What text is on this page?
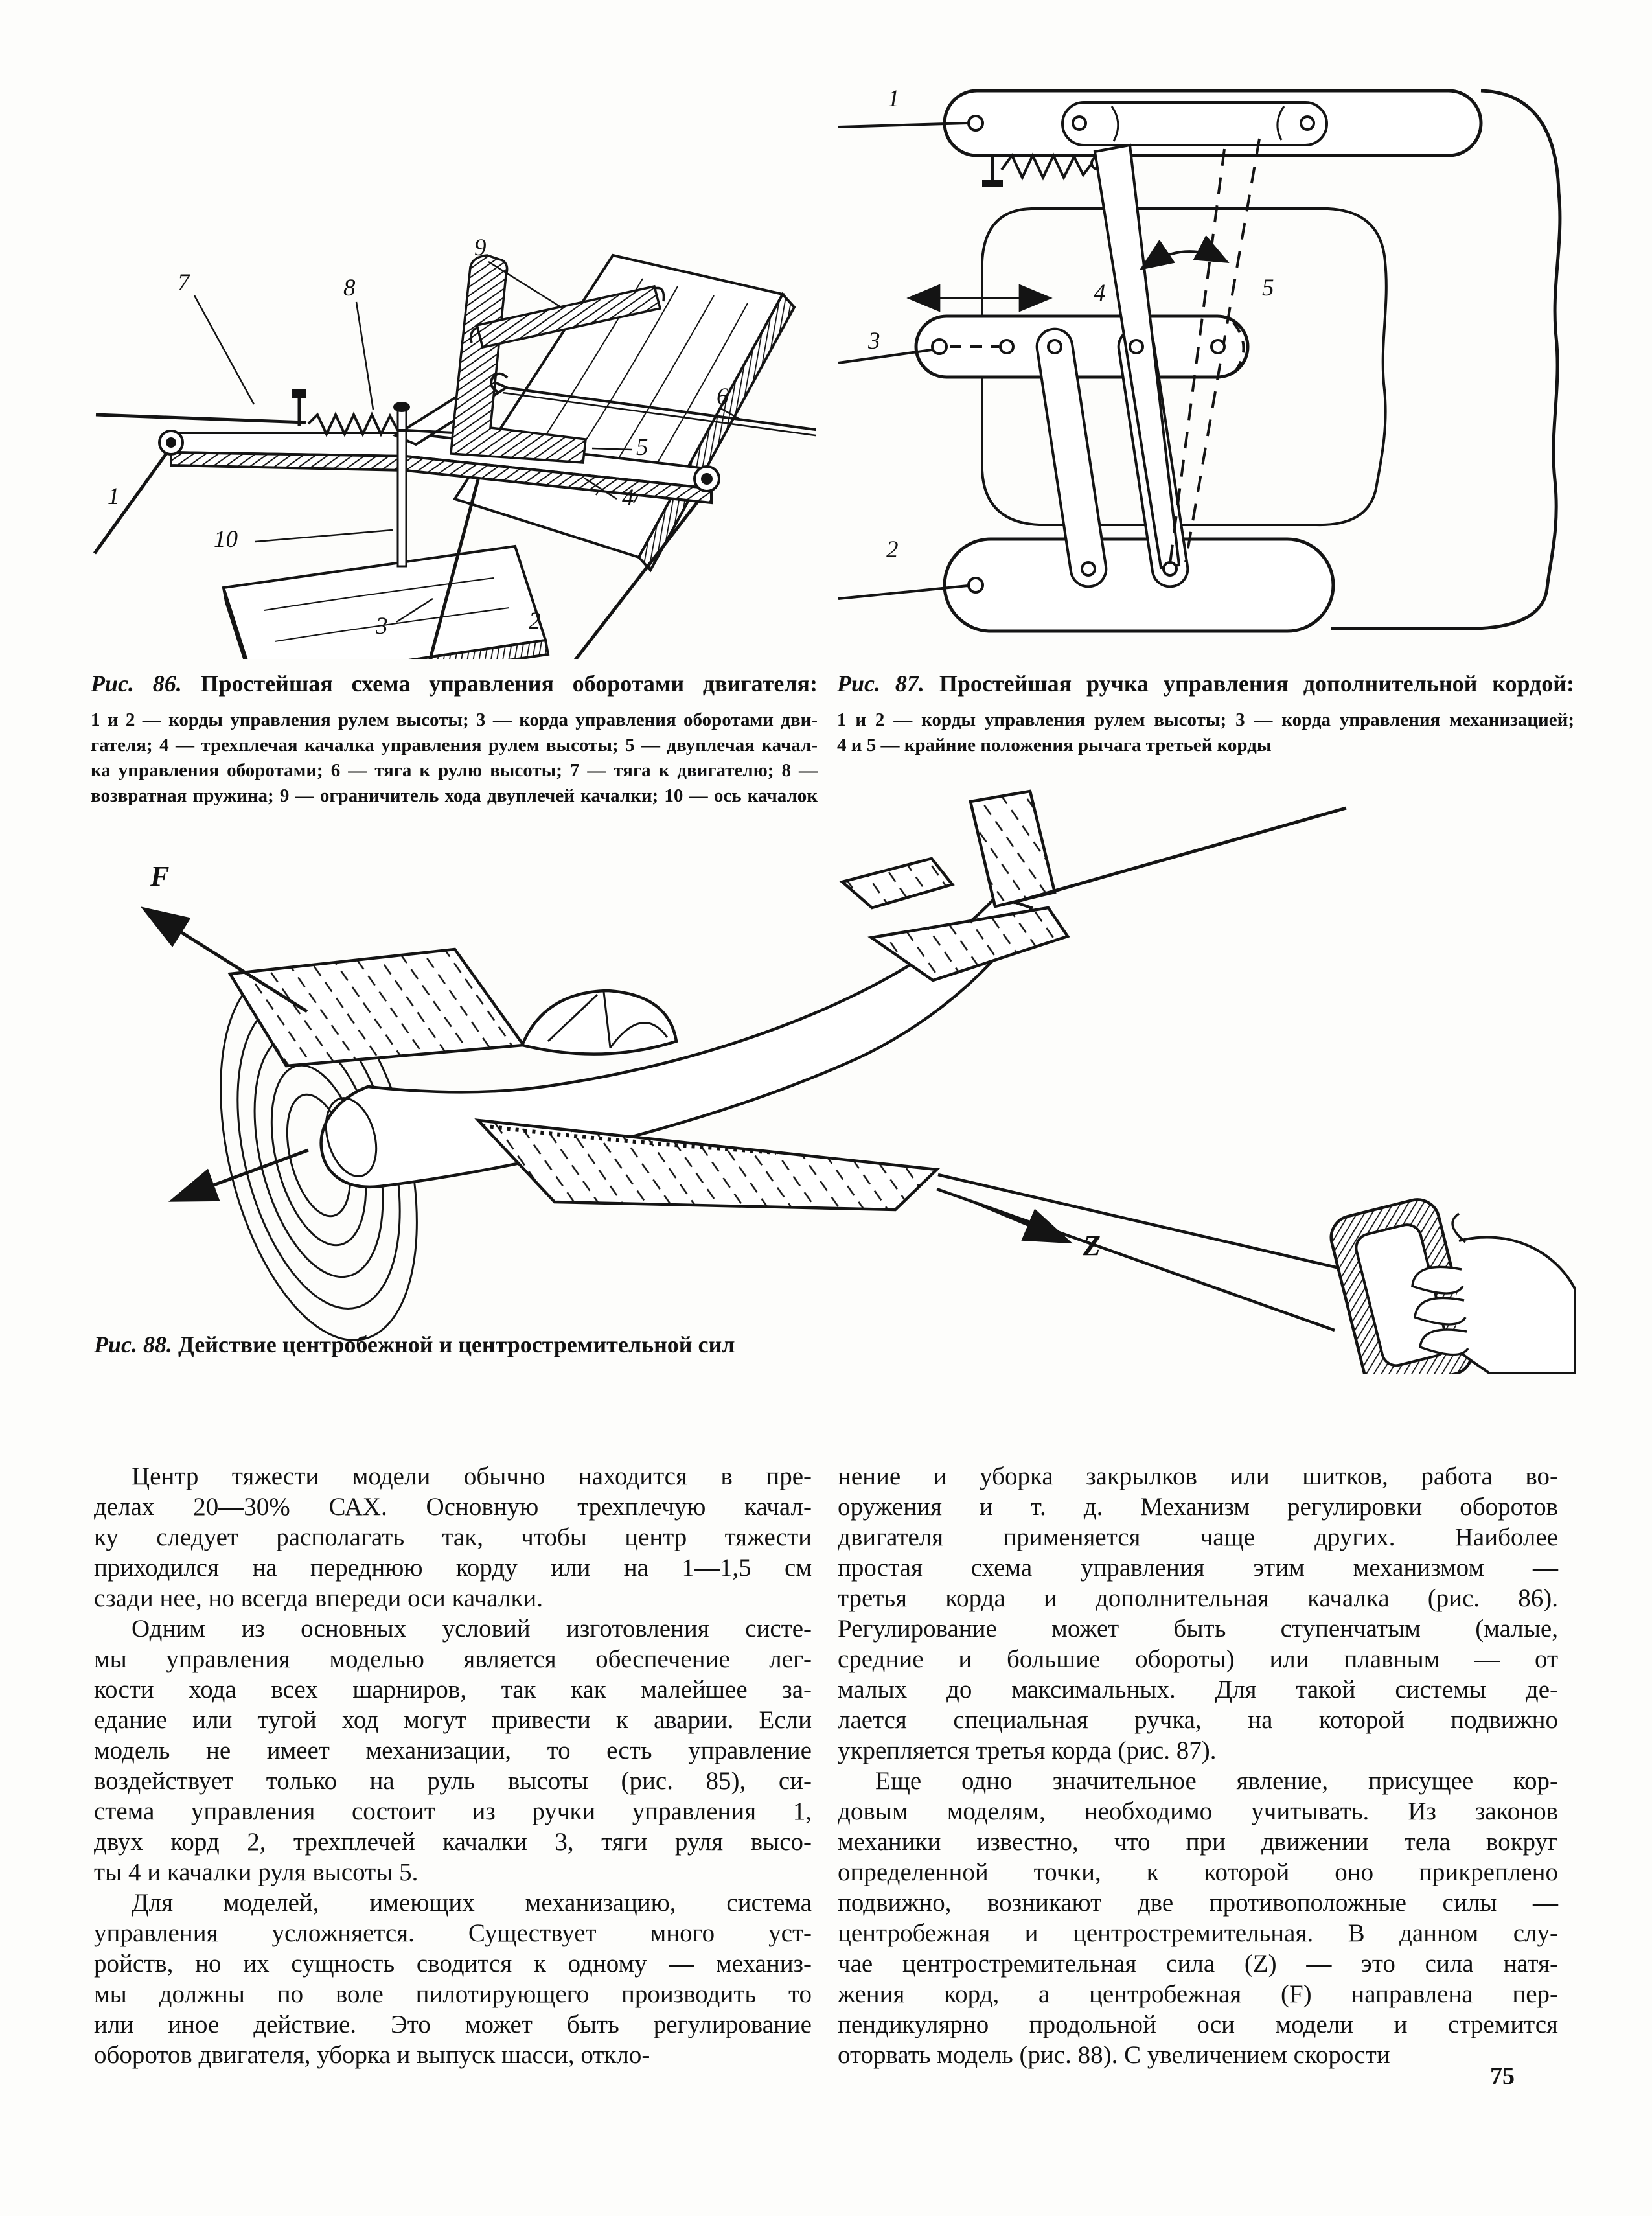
7	8
9
6
5
4
1
10
3	2
1
2
3
4	5
F
Z
Рис. 86. Простейшая схема управления оборотами двигателя:
1 и 2 — корды управления рулем высоты; 3 — корда управления оборотами дви-
гателя; 4 — трехплечая качалка управления рулем высоты; 5 — двуплечая качал-
ка управления оборотами; 6 — тяга к рулю высоты; 7 — тяга к двигателю; 8 —
возвратная пружина; 9 — ограничитель хода двуплечей качалки; 10 — ось качалок
Рис. 87. Простейшая ручка управления дополнительной кордой:
1 и 2 — корды управления рулем высоты; 3 — корда управления механизацией;
4 и 5 — крайние положения рычага третьей корды
Рис. 88. Действие центробежной и центростремительной сил
Центр тяжести модели обычно находится в пре-
делах 20—30% САХ. Основную трехплечую качал-
ку следует располагать так, чтобы центр тяжести
приходился на переднюю корду или на 1—1,5 см
сзади нее, но всегда впереди оси качалки.
Одним из основных условий изготовления систе-
мы управления моделью является обеспечение лег-
кости хода всех шарниров, так как малейшее за-
едание или тугой ход могут привести к аварии. Если
модель не имеет механизации, то есть управление
воздействует только на руль высоты (рис. 85), си-
стема управления состоит из ручки управления 1,
двух корд 2, трехплечей качалки 3, тяги руля высо-
ты 4 и качалки руля высоты 5.
Для моделей, имеющих механизацию, система
управления усложняется. Существует много уст-
ройств, но их сущность сводится к одному — механиз-
мы должны по воле пилотирующего производить то
или иное действие. Это может быть регулирование
оборотов двигателя, уборка и выпуск шасси, откло-
нение и уборка закрылков или шитков, работа во-
оружения и т. д. Механизм регулировки оборотов
двигателя применяется чаще других. Наиболее
простая схема управления этим механизмом —
третья корда и дополнительная качалка (рис. 86).
Регулирование может быть ступенчатым (малые,
средние и большие обороты) или плавным — от
малых до максимальных. Для такой системы де-
лается специальная ручка, на которой подвижно
укрепляется третья корда (рис. 87).
Еще одно значительное явление, присущее кор-
довым моделям, необходимо учитывать. Из законов
механики известно, что при движении тела вокруг
определенной точки, к которой оно прикреплено
подвижно, возникают две противоположные силы —
центробежная и центростремительная. В данном слу-
чае центростремительная сила (Z) — это сила натя-
жения корд, а центробежная (F) направлена пер-
пендикулярно продольной оси модели и стремится
оторвать модель (рис. 88). С увеличением скорости
75
